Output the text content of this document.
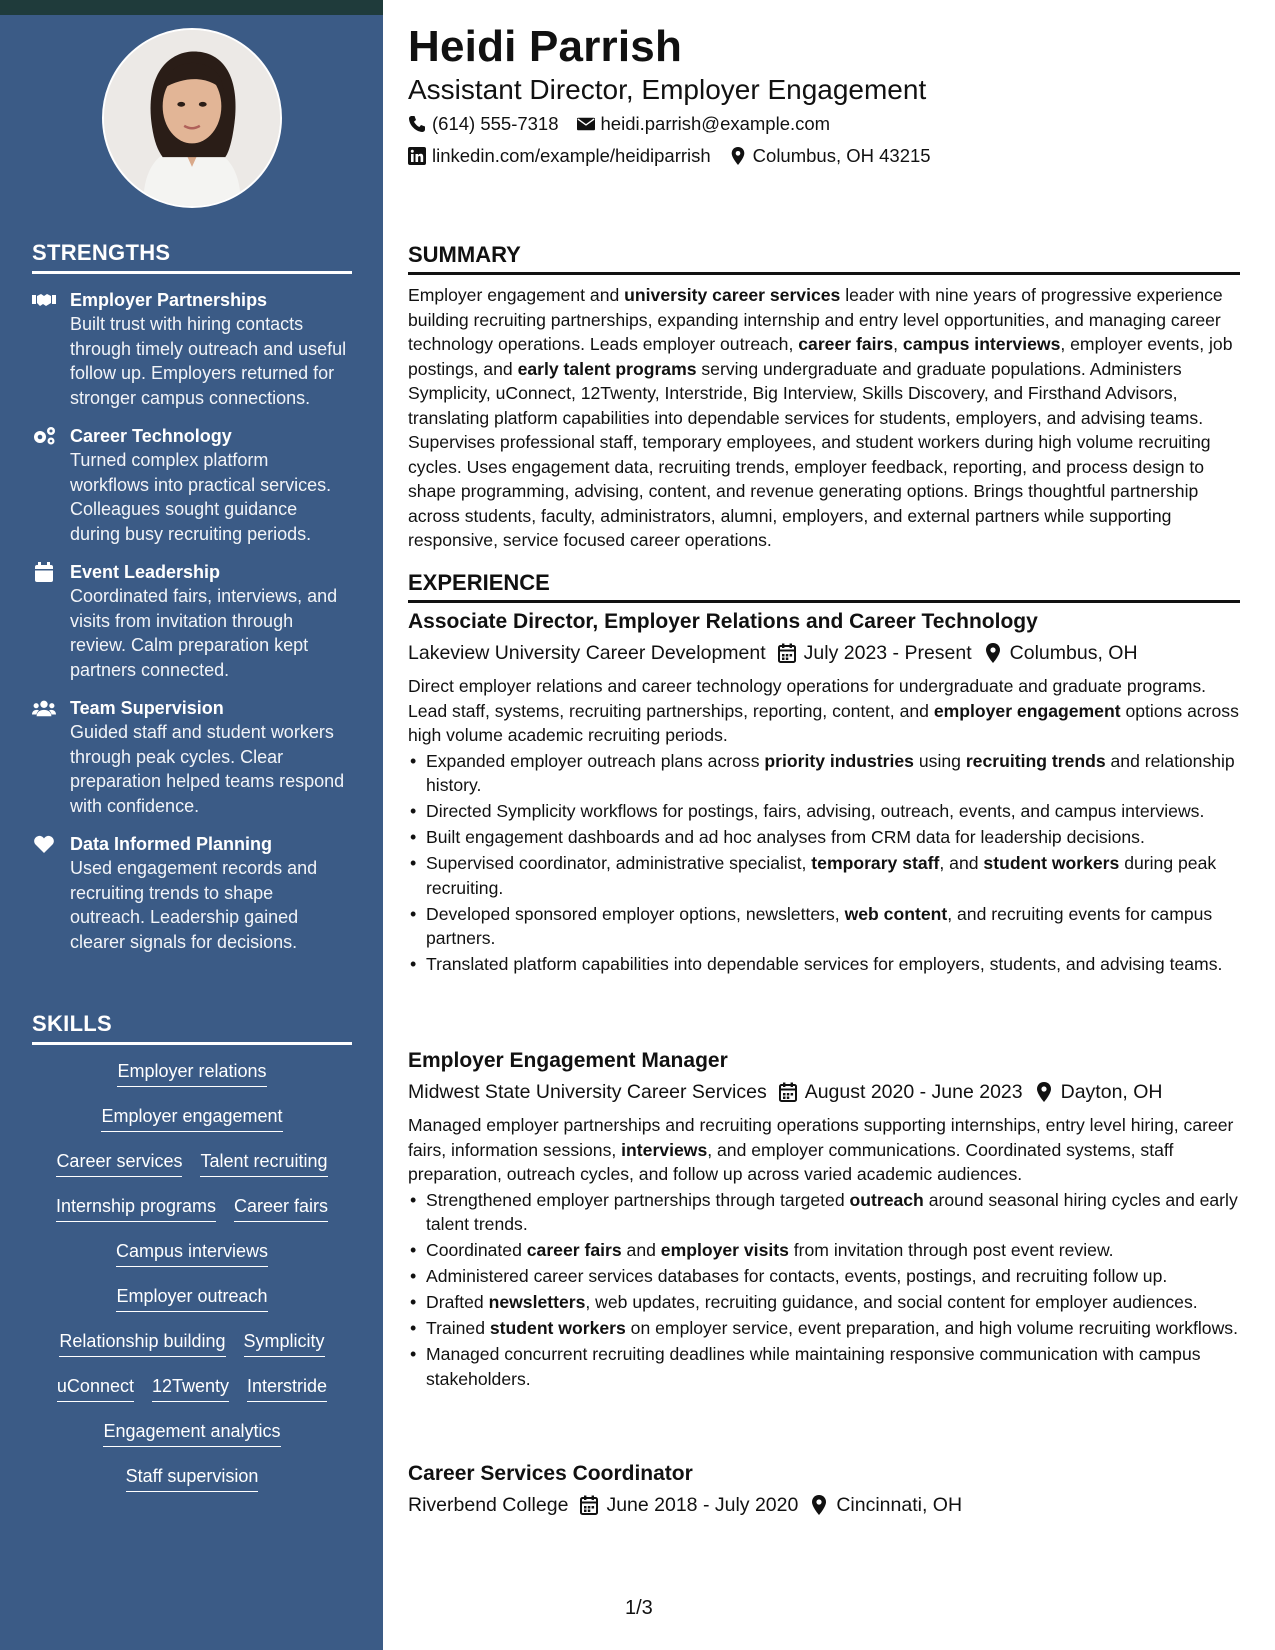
STRENGTHS
Employer Partnerships
Built trust with hiring contacts through timely outreach and useful follow up. Employers returned for stronger campus connections.
Career Technology
Turned complex platform workflows into practical services. Colleagues sought guidance during busy recruiting periods.
Event Leadership
Coordinated fairs, interviews, and visits from invitation through review. Calm preparation kept partners connected.
Team Supervision
Guided staff and student workers through peak cycles. Clear preparation helped teams respond with confidence.
Data Informed Planning
Used engagement records and recruiting trends to shape outreach. Leadership gained clearer signals for decisions.
SKILLS
Employer relations
Employer engagement
Career services Talent recruiting
Internship programs Career fairs
Campus interviews
Employer outreach
Relationship building Symplicity
uConnect 12Twenty Interstride
Engagement analytics
Staff supervision
Heidi Parrish
Assistant Director, Employer Engagement
(614) 555-7318 heidi.parrish@example.com
linkedin.com/example/heidiparrish Columbus, OH 43215
SUMMARY

Employer engagement and university career services leader with nine years of progressive experience building recruiting partnerships, expanding internship and entry level opportunities, and managing career technology operations. Leads employer outreach, career fairs, campus interviews, employer events, job postings, and early talent programs serving undergraduate and graduate populations. Administers Symplicity, uConnect, 12Twenty, Interstride, Big Interview, Skills Discovery, and Firsthand Advisors, translating platform capabilities into dependable services for students, employers, and advising teams. Supervises professional staff, temporary employees, and student workers during high volume recruiting cycles. Uses engagement data, recruiting trends, employer feedback, reporting, and process design to shape programming, advising, content, and revenue generating options. Brings thoughtful partnership across students, faculty, administrators, alumni, employers, and external partners while supporting responsive, service focused career operations.

EXPERIENCE
Associate Director, Employer Relations and Career Technology
Lakeview University Career Development July 2023 - Present Columbus, OH

Direct employer relations and career technology operations for undergraduate and graduate programs. Lead staff, systems, recruiting partnerships, reporting, content, and employer engagement options across high volume academic recruiting periods.

• Expanded employer outreach plans across priority industries using recruiting trends and relationship history.
• Directed Symplicity workflows for postings, fairs, advising, outreach, events, and campus interviews.
• Built engagement dashboards and ad hoc analyses from CRM data for leadership decisions.
• Supervised coordinator, administrative specialist, temporary staff, and student workers during peak recruiting.
• Developed sponsored employer options, newsletters, web content, and recruiting events for campus partners.
• Translated platform capabilities into dependable services for employers, students, and advising teams.
Employer Engagement Manager
Midwest State University Career Services August 2020 - June 2023 Dayton, OH

Managed employer partnerships and recruiting operations supporting internships, entry level hiring, career fairs, information sessions, interviews, and employer communications. Coordinated systems, staff preparation, outreach cycles, and follow up across varied academic audiences.

• Strengthened employer partnerships through targeted outreach around seasonal hiring cycles and early talent trends.
• Coordinated career fairs and employer visits from invitation through post event review.
• Administered career services databases for contacts, events, postings, and recruiting follow up.
• Drafted newsletters, web updates, recruiting guidance, and social content for employer audiences.
• Trained student workers on employer service, event preparation, and high volume recruiting workflows.
• Managed concurrent recruiting deadlines while maintaining responsive communication with campus stakeholders.
Career Services Coordinator
Riverbend College June 2018 - July 2020 Cincinnati, OH
1/3
